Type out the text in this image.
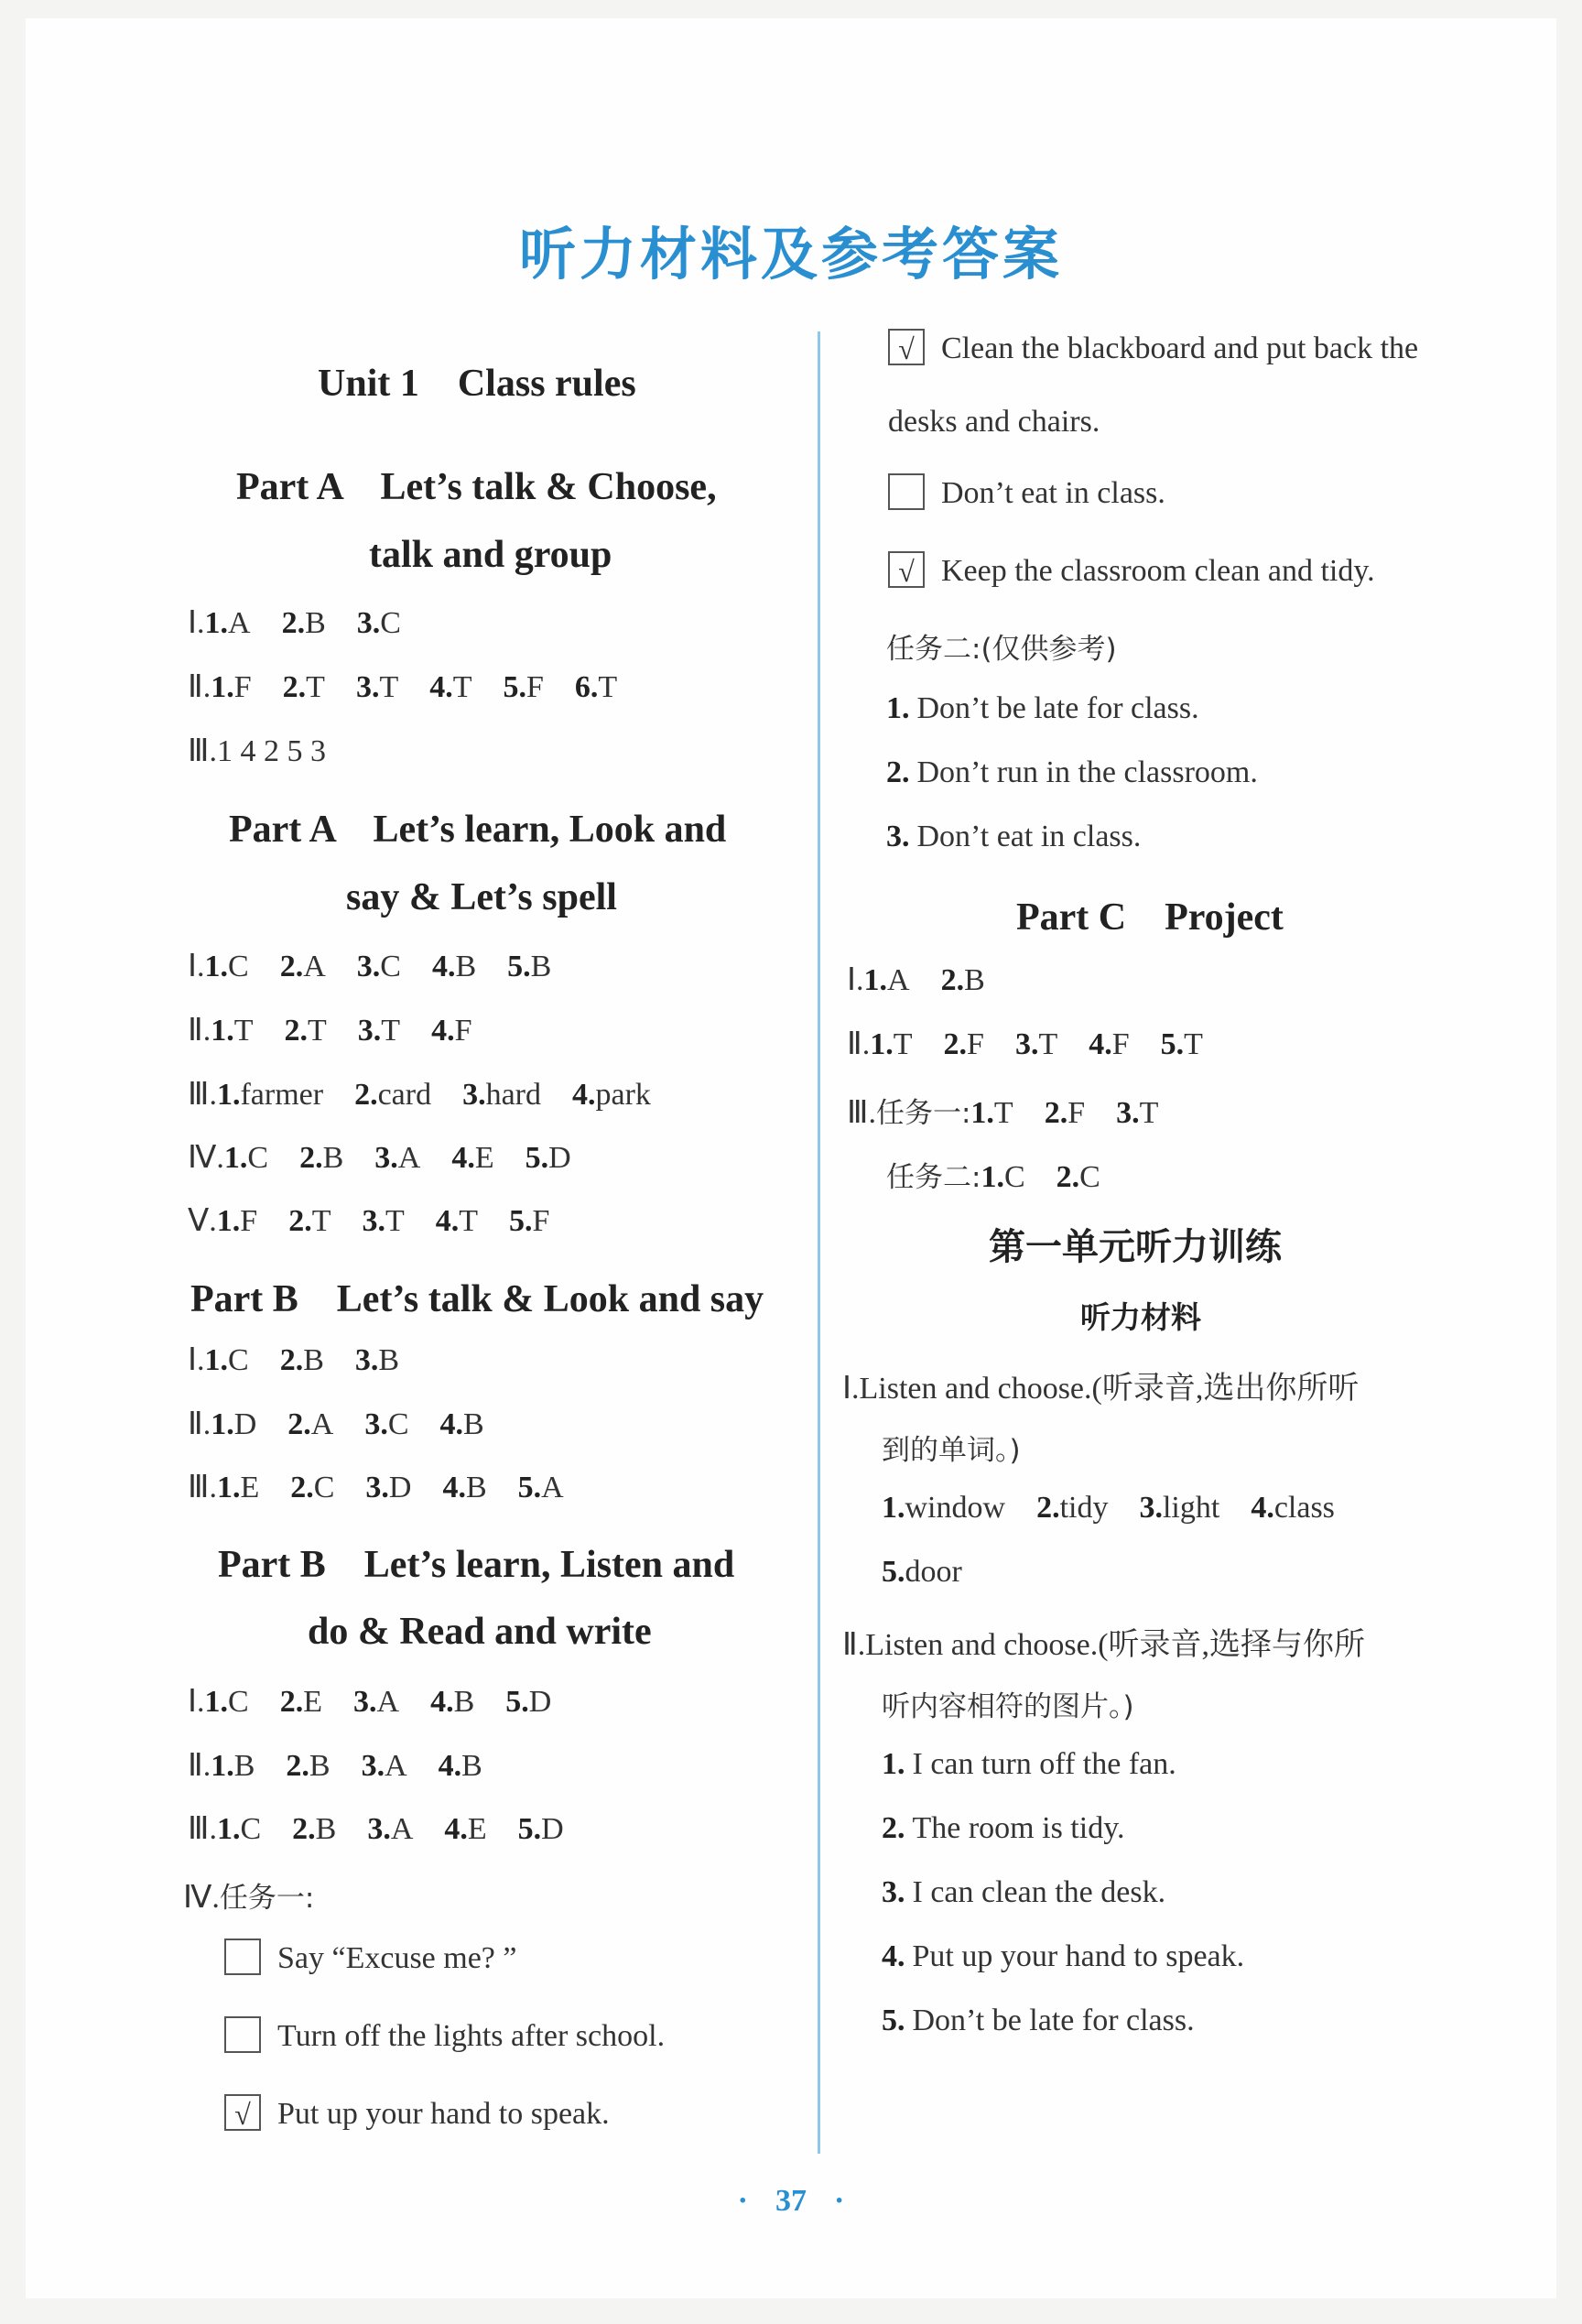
听力材料及参考答案
Unit 1　Class rules
Part A　Let’s talk & Choose,
talk and group
Ⅰ.1.A 2.B 3.C
Ⅱ.1.F 2.T 3.T 4.T 5.F 6.T
Ⅲ.1 4 2 5 3
Part A　Let’s learn, Look and
say & Let’s spell
Ⅰ.1.C 2.A 3.C 4.B 5.B
Ⅱ.1.T 2.T 3.T 4.F
Ⅲ.1.farmer 2.card 3.hard 4.park
Ⅳ.1.C 2.B 3.A 4.E 5.D
Ⅴ.1.F 2.T 3.T 4.T 5.F
Part B　Let’s talk & Look and say
Ⅰ.1.C 2.B 3.B
Ⅱ.1.D 2.A 3.C 4.B
Ⅲ.1.E 2.C 3.D 4.B 5.A
Part B　Let’s learn, Listen and
do & Read and write
Ⅰ.1.C 2.E 3.A 4.B 5.D
Ⅱ.1.B 2.B 3.A 4.B
Ⅲ.1.C 2.B 3.A 4.E 5.D
Ⅳ.任务一:
Say “Excuse me? ”
Turn off the lights after school.
√ Put up your hand to speak.
√ Clean the blackboard and put back the
desks and chairs.
Don’t eat in class.
√ Keep the classroom clean and tidy.
任务二:(仅供参考)
1. Don’t be late for class.
2. Don’t run in the classroom.
3. Don’t eat in class.
Part C　Project
Ⅰ.1.A 2.B
Ⅱ.1.T 2.F 3.T 4.F 5.T
Ⅲ.任务一:1.T 2.F 3.T
任务二:1.C 2.C
第一单元听力训练
听力材料
Ⅰ.Listen and choose.(听录音,选出你所听
到的单词。)
1.window 2.tidy 3.light 4.class
5.door
Ⅱ.Listen and choose.(听录音,选择与你所
听内容相符的图片。)
1. I can turn off the fan.
2. The room is tidy.
3. I can clean the desk.
4. Put up your hand to speak.
5. Don’t be late for class.
· 37 ·
